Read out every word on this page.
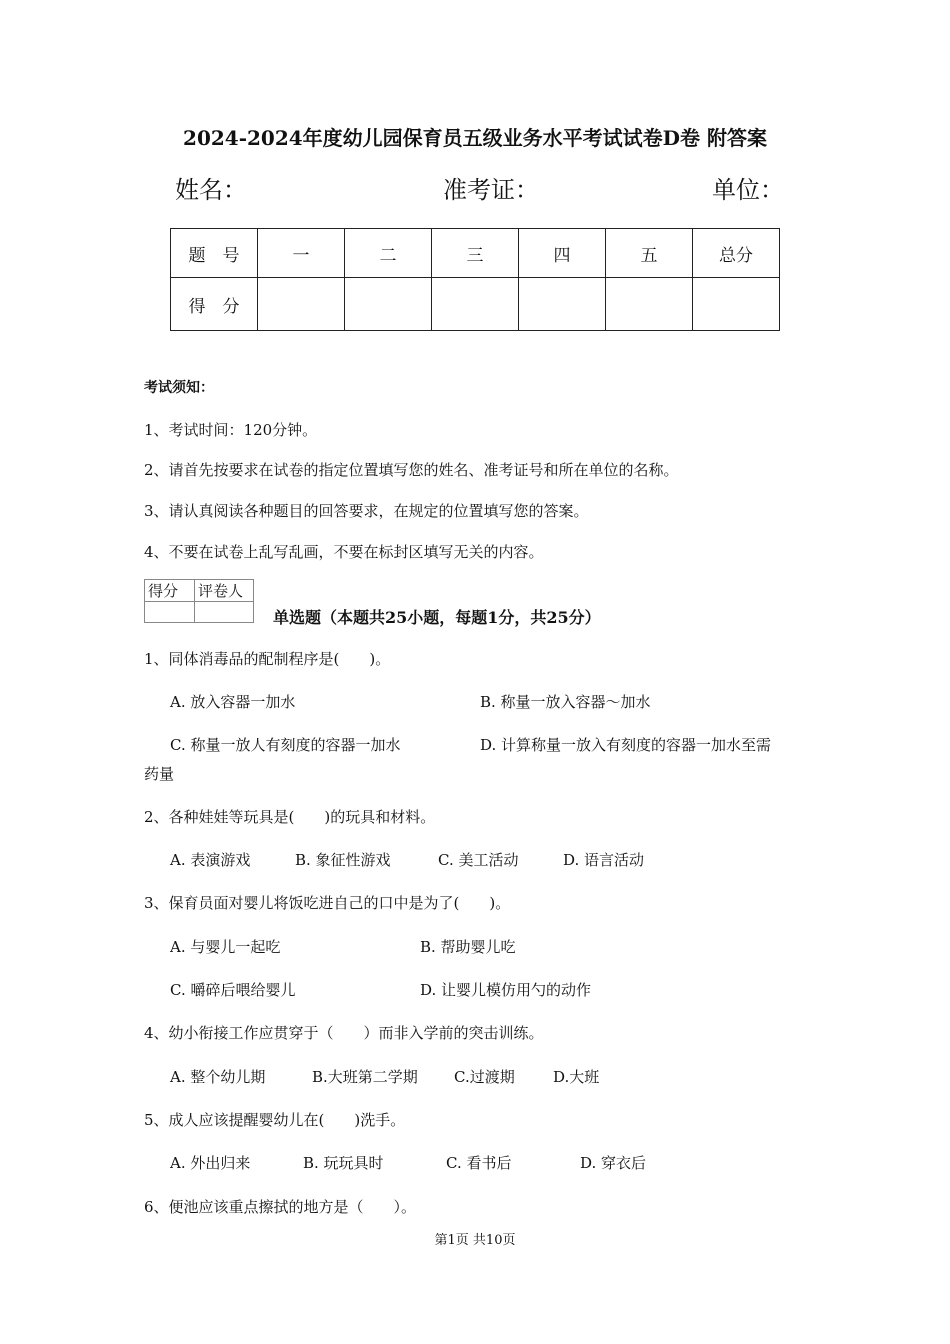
2024-2024年度幼儿园保育员五级业务水平考试试卷D卷 附答案
姓名：	准考证：	单位：
题　号	一	二	三	四	五	总分
得　分						
考试须知：
1、考试时间：120分钟。
2、请首先按要求在试卷的指定位置填写您的姓名、准考证号和所在单位的名称。
3、请认真阅读各种题目的回答要求，在规定的位置填写您的答案。
4、不要在试卷上乱写乱画，不要在标封区填写无关的内容。
得分	评卷人

单选题（本题共25小题，每题1分，共25分）
1、同体消毒品的配制程序是(　　)。
A. 放入容器一加水	B. 称量一放入容器～加水
C. 称量一放人有刻度的容器一加水	D. 计算称量一放入有刻度的容器一加水至需
药量
2、各种娃娃等玩具是(　　)的玩具和材料。
A. 表演游戏	B. 象征性游戏	C. 美工活动	D. 语言活动
3、保育员面对婴儿将饭吃进自己的口中是为了(　　)。
A. 与婴儿一起吃	B. 帮助婴儿吃
C. 嚼碎后喂给婴儿	D. 让婴儿模仿用勺的动作
4、幼小衔接工作应贯穿于（　　）而非入学前的突击训练。
A. 整个幼儿期	B.大班第二学期 C.过渡期	D.大班
5、成人应该提醒婴幼儿在(　　)洗手。
A. 外出归来	B. 玩玩具时	C. 看书后	D. 穿衣后
6、便池应该重点擦拭的地方是（　　）。
第1页 共10页
